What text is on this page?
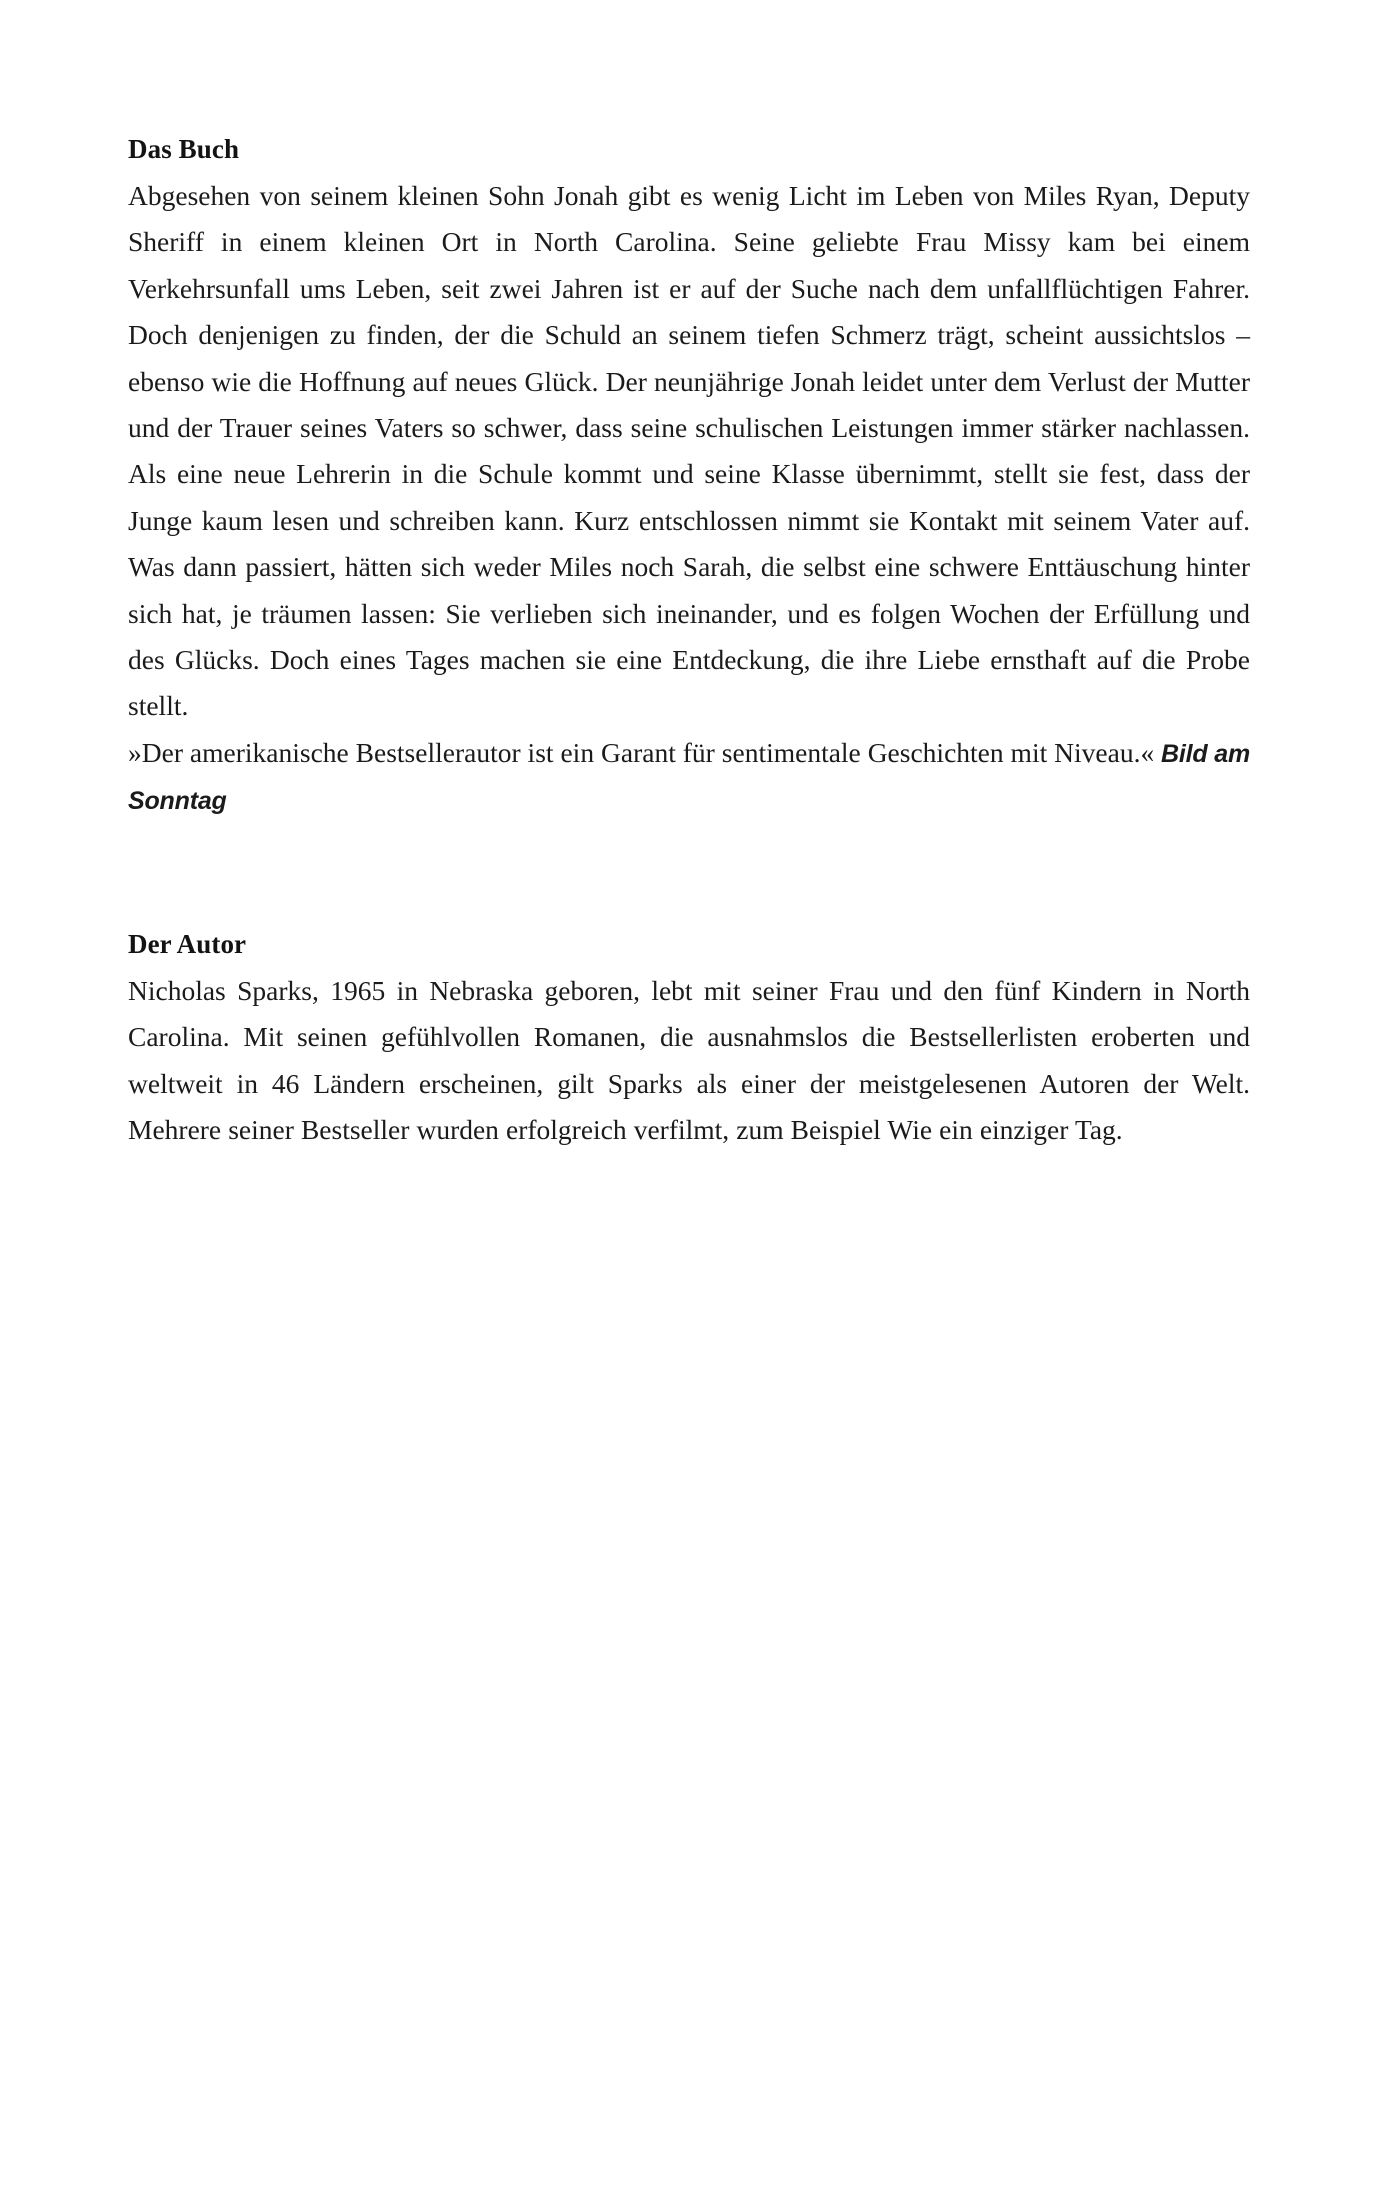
Das Buch

Abgesehen von seinem kleinen Sohn Jonah gibt es wenig Licht im Leben von Miles Ryan, Deputy Sheriff in einem kleinen Ort in North Carolina. Seine geliebte Frau Missy kam bei einem Verkehrsunfall ums Leben, seit zwei Jahren ist er auf der Suche nach dem unfallflüchtigen Fahrer. Doch denjenigen zu finden, der die Schuld an seinem tiefen Schmerz trägt, scheint aussichtslos – ebenso wie die Hoffnung auf neues Glück. Der neunjährige Jonah leidet unter dem Verlust der Mutter und der Trauer seines Vaters so schwer, dass seine schulischen Leistungen immer stärker nachlassen. Als eine neue Lehrerin in die Schule kommt und seine Klasse übernimmt, stellt sie fest, dass der Junge kaum lesen und schreiben kann. Kurz entschlossen nimmt sie Kontakt mit seinem Vater auf. Was dann passiert, hätten sich weder Miles noch Sarah, die selbst eine schwere Enttäuschung hinter sich hat, je träumen lassen: Sie verlieben sich ineinander, und es folgen Wochen der Erfüllung und des Glücks. Doch eines Tages machen sie eine Entdeckung, die ihre Liebe ernsthaft auf die Probe stellt.

»Der amerikanische Bestsellerautor ist ein Garant für sentimentale Geschichten mit Niveau.« Bild am Sonntag

Der Autor

Nicholas Sparks, 1965 in Nebraska geboren, lebt mit seiner Frau und den fünf Kindern in North Carolina. Mit seinen gefühlvollen Romanen, die ausnahmslos die Bestsellerlisten eroberten und weltweit in 46 Ländern erscheinen, gilt Sparks als einer der meistgelesenen Autoren der Welt. Mehrere seiner Bestseller wurden erfolgreich verfilmt, zum Beispiel Wie ein einziger Tag.
